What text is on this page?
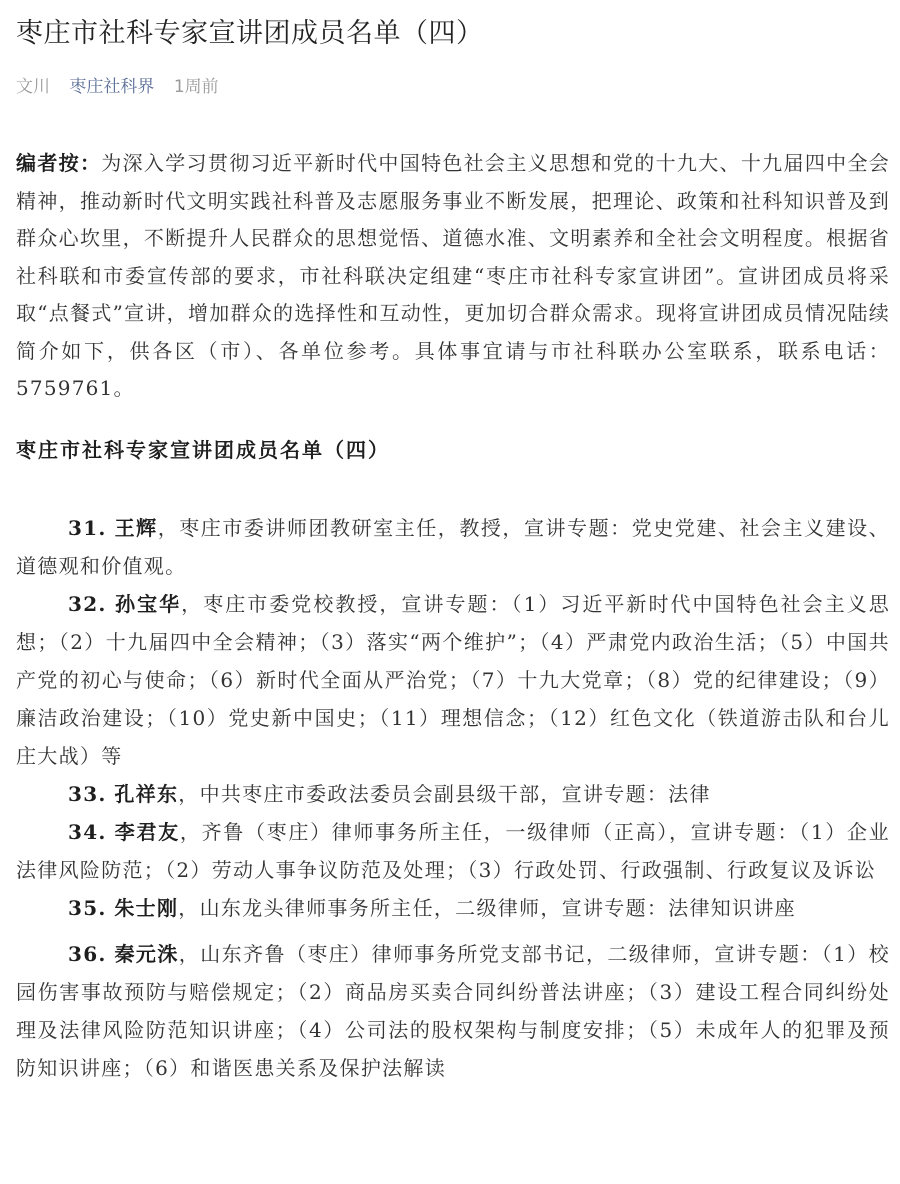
枣庄市社科专家宣讲团成员名单（四）
文川 枣庄社科界 1周前
编者按：为深入学习贯彻习近平新时代中国特色社会主义思想和党的十九大、十九届四中全会精神，推动新时代文明实践社科普及志愿服务事业不断发展，把理论、政策和社科知识普及到群众心坎里，不断提升人民群众的思想觉悟、道德水准、文明素养和全社会文明程度。根据省社科联和市委宣传部的要求，市社科联决定组建“枣庄市社科专家宣讲团”。宣讲团成员将采取“点餐式”宣讲，增加群众的选择性和互动性，更加切合群众需求。现将宣讲团成员情况陆续简介如下，供各区（市）、各单位参考。具体事宜请与市社科联办公室联系，联系电话：5759761。
枣庄市社科专家宣讲团成员名单（四）

31. 王辉，枣庄市委讲师团教研室主任，教授，宣讲专题：党史党建、社会主义建设、道德观和价值观。

32. 孙宝华，枣庄市委党校教授，宣讲专题：（1）习近平新时代中国特色社会主义思想；（2）十九届四中全会精神；（3）落实“两个维护”；（4）严肃党内政治生活；（5）中国共产党的初心与使命；（6）新时代全面从严治党；（7）十九大党章；（8）党的纪律建设；（9）廉洁政治建设；（10）党史新中国史；（11）理想信念；（12）红色文化（铁道游击队和台儿庄大战）等

33. 孔祥东，中共枣庄市委政法委员会副县级干部，宣讲专题：法律

34. 李君友，齐鲁（枣庄）律师事务所主任，一级律师（正高），宣讲专题：（1）企业法律风险防范；（2）劳动人事争议防范及处理；（3）行政处罚、行政强制、行政复议及诉讼

35. 朱士刚，山东龙头律师事务所主任，二级律师，宣讲专题：法律知识讲座

36. 秦元洙，山东齐鲁（枣庄）律师事务所党支部书记，二级律师，宣讲专题：（1）校园伤害事故预防与赔偿规定；（2）商品房买卖合同纠纷普法讲座；（3）建设工程合同纠纷处理及法律风险防范知识讲座；（4）公司法的股权架构与制度安排；（5）未成年人的犯罪及预防知识讲座；（6）和谐医患关系及保护法解读
